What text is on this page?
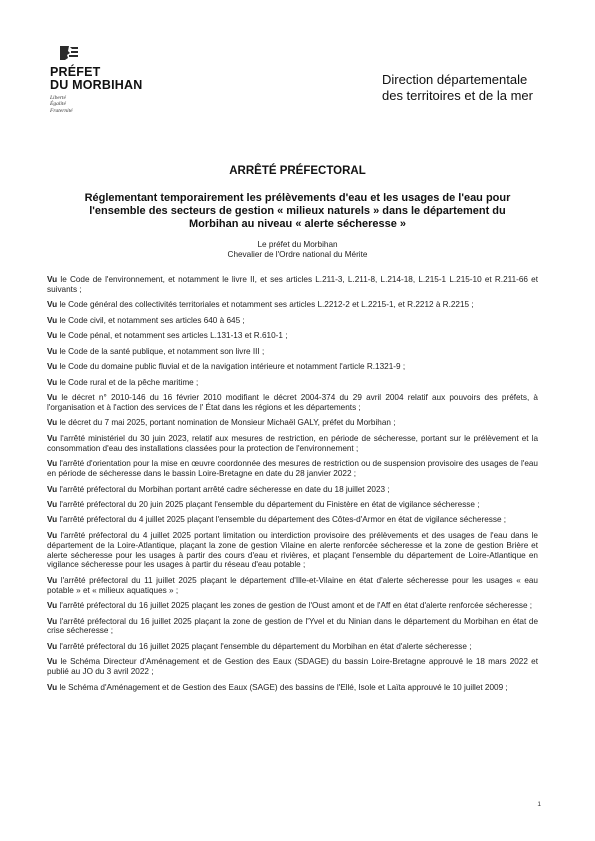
PRÉFET
DU MORBIHAN
Liberté
Égalité
Fraternité
Direction départementale
des territoires et de la mer
ARRÊTÉ PRÉFECTORAL
Réglementant temporairement les prélèvements d'eau et les usages de l'eau pour
l'ensemble des secteurs de gestion « milieux naturels » dans le département du
Morbihan au niveau « alerte sécheresse »
Le préfet du Morbihan
Chevalier de l'Ordre national du Mérite

Vu le Code de l'environnement, et notamment le livre II, et ses articles L.211-3, L.211-8, L.214-18, L.215-1 L.215-10 et R.211-66 et suivants ;

Vu le Code général des collectivités territoriales et notamment ses articles L.2212-2 et L.2215-1, et R.2212 à R.2215 ;

Vu le Code civil, et notamment ses articles 640 à 645 ;

Vu le Code pénal, et notamment ses articles L.131-13 et R.610-1 ;

Vu le Code de la santé publique, et notamment son livre III ;

Vu le Code du domaine public fluvial et de la navigation intérieure et notamment l'article R.1321-9 ;

Vu le Code rural et de la pêche maritime ;

Vu le décret n° 2010-146 du 16 février 2010 modifiant le décret 2004-374 du 29 avril 2004 relatif aux pouvoirs des préfets, à l'organisation et à l'action des services de l' État dans les régions et les départements ;

Vu le décret du 7 mai 2025, portant nomination de Monsieur Michaël GALY, préfet du Morbihan ;

Vu l'arrêté ministériel du 30 juin 2023, relatif aux mesures de restriction, en période de sécheresse, portant sur le prélèvement et la consommation d'eau des installations classées pour la protection de l'environnement ;

Vu l'arrêté d'orientation pour la mise en œuvre coordonnée des mesures de restriction ou de suspension provisoire des usages de l'eau en période de sécheresse dans le bassin Loire-Bretagne en date du 28 janvier 2022 ;

Vu l'arrêté préfectoral du Morbihan portant arrêté cadre sécheresse en date du 18 juillet 2023 ;

Vu l'arrêté préfectoral du 20 juin 2025 plaçant l'ensemble du département du Finistère en état de vigilance sécheresse ;

Vu l'arrêté préfectoral du 4 juillet 2025 plaçant l'ensemble du département des Côtes-d'Armor en état de vigilance sécheresse ;

Vu l'arrêté préfectoral du 4 juillet 2025 portant limitation ou interdiction provisoire des prélèvements et des usages de l'eau dans le département de la Loire-Atlantique, plaçant la zone de gestion Vilaine en alerte renforcée sécheresse et la zone de gestion Brière et alerte sécheresse pour les usages à partir des cours d'eau et rivières, et plaçant l'ensemble du département de Loire-Atlantique en vigilance sécheresse pour les usages à partir du réseau d'eau potable ;

Vu l'arrêté préfectoral du 11 juillet 2025 plaçant le département d'Ille-et-Vilaine en état d'alerte sécheresse pour les usages « eau potable » et « milieux aquatiques » ;

Vu l'arrêté préfectoral du 16 juillet 2025 plaçant les zones de gestion de l'Oust amont et de l'Aff en état d'alerte renforcée sécheresse ;

Vu l'arrêté préfectoral du 16 juillet 2025 plaçant la zone de gestion de l'Yvel et du Ninian dans le département du Morbihan en état de crise sécheresse ;

Vu l'arrêté préfectoral du 16 juillet 2025 plaçant l'ensemble du département du Morbihan en état d'alerte sécheresse ;

Vu le Schéma Directeur d'Aménagement et de Gestion des Eaux (SDAGE) du bassin Loire-Bretagne approuvé le 18 mars 2022 et publié au JO du 3 avril 2022 ;

Vu le Schéma d'Aménagement et de Gestion des Eaux (SAGE) des bassins de l'Ellé, Isole et Laïta approuvé le 10 juillet 2009 ;

1
